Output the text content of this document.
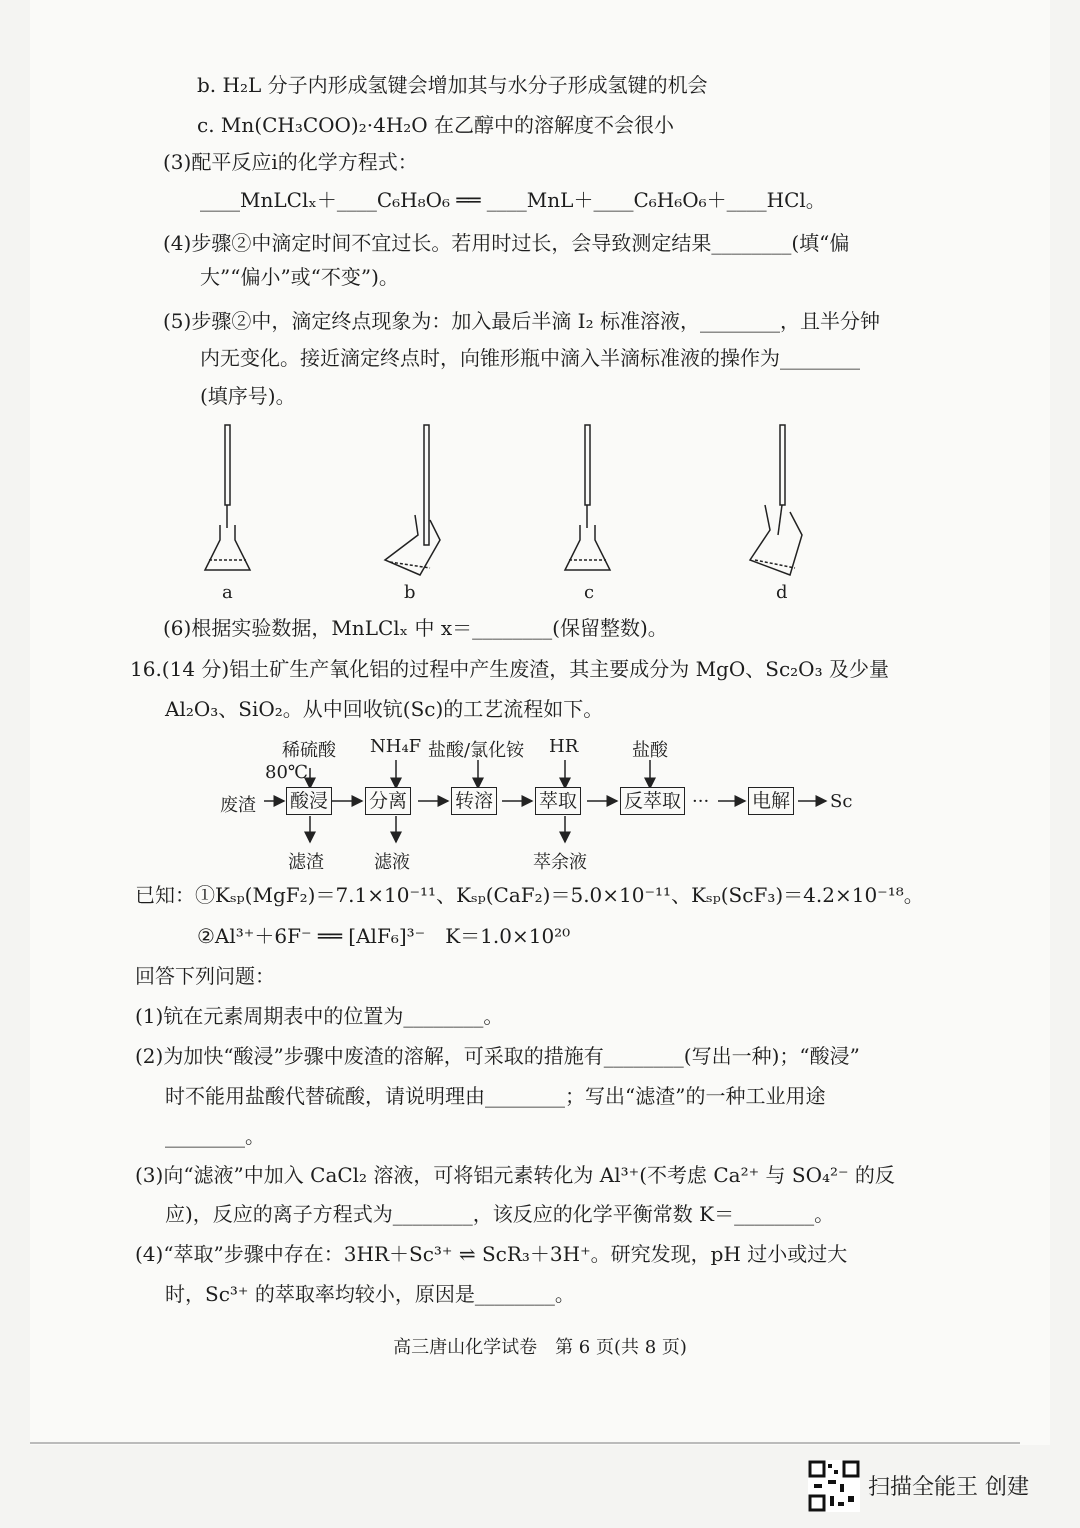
b. H₂L 分子内形成氢键会增加其与水分子形成氢键的机会
c. Mn(CH₃COO)₂·4H₂O 在乙醇中的溶解度不会很小
(3)配平反应ⅰ的化学方程式：
____MnLClₓ＋____C₆H₈O₆ ══ ____MnL＋____C₆H₆O₆＋____HCl。
(4)步骤②中滴定时间不宜过长。若用时过长，会导致测定结果________(填“偏
大”“偏小”或“不变”)。
(5)步骤②中，滴定终点现象为：加入最后半滴 I₂ 标准溶液，________，且半分钟
内无变化。接近滴定终点时，向锥形瓶中滴入半滴标准液的操作为________
(填序号)。
a	b	c	d
(6)根据实验数据，MnLClₓ 中 x＝________(保留整数)。
16.(14 分)铝土矿生产氧化铝的过程中产生废渣，其主要成分为 MgO、Sc₂O₃ 及少量
Al₂O₃、SiO₂。从中回收钪(Sc)的工艺流程如下。
废渣 酸浸 分离	转溶 萃取 反萃取 ··· 电解 Sc
稀硫酸
80℃
NH₄F 盐酸/氯化铵 HR	盐酸
滤渣	滤液	萃余液
已知：①Kₛₚ(MgF₂)＝7.1×10⁻¹¹、Kₛₚ(CaF₂)＝5.0×10⁻¹¹、Kₛₚ(ScF₃)＝4.2×10⁻¹⁸。
②Al³⁺＋6F⁻ ══ [AlF₆]³⁻　K＝1.0×10²⁰
回答下列问题：
(1)钪在元素周期表中的位置为________。
(2)为加快“酸浸”步骤中废渣的溶解，可采取的措施有________(写出一种)；“酸浸”
时不能用盐酸代替硫酸，请说明理由________；写出“滤渣”的一种工业用途
________。
(3)向“滤液”中加入 CaCl₂ 溶液，可将铝元素转化为 Al³⁺(不考虑 Ca²⁺ 与 SO₄²⁻ 的反
应)，反应的离子方程式为________，该反应的化学平衡常数 K＝________。
(4)“萃取”步骤中存在：3HR＋Sc³⁺ ⇌ ScR₃＋3H⁺。研究发现，pH 过小或过大
时，Sc³⁺ 的萃取率均较小，原因是________。
高三唐山化学试卷　第 6 页(共 8 页)
扫描全能王 创建
